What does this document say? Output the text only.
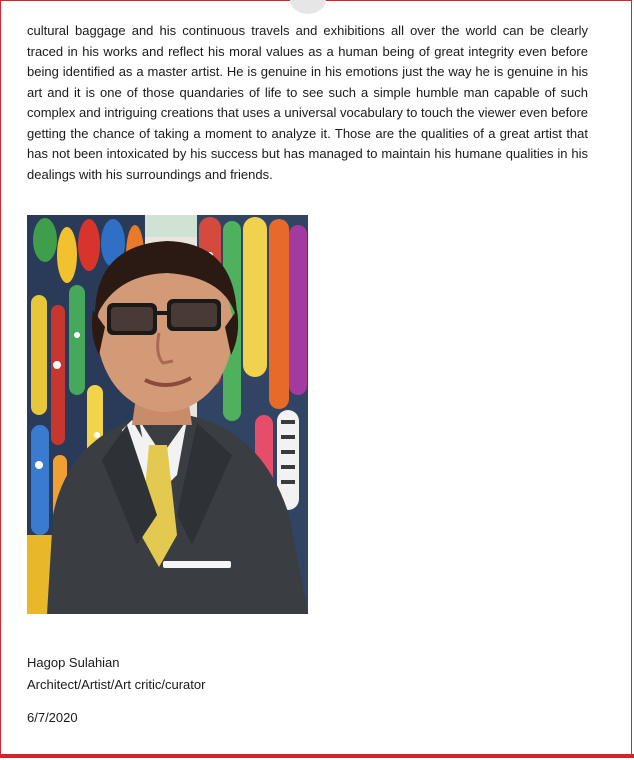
cultural baggage and his continuous travels and exhibitions all over the world can be clearly traced in his works and reflect his moral values as a human being of great integrity even before being identified as a master artist. He is genuine in his emotions just the way he is genuine in his art and it is one of those quandaries of life to see such a simple humble man capable of such complex and intriguing creations that uses a universal vocabulary to touch the viewer even before getting the chance of taking a moment to analyze it. Those are the qualities of a great artist that has not been intoxicated by his success but has managed to maintain his humane qualities in his dealings with his surroundings and friends.

Hagop Sulahian

Architect/Artist/Art critic/curator

6/7/2020
